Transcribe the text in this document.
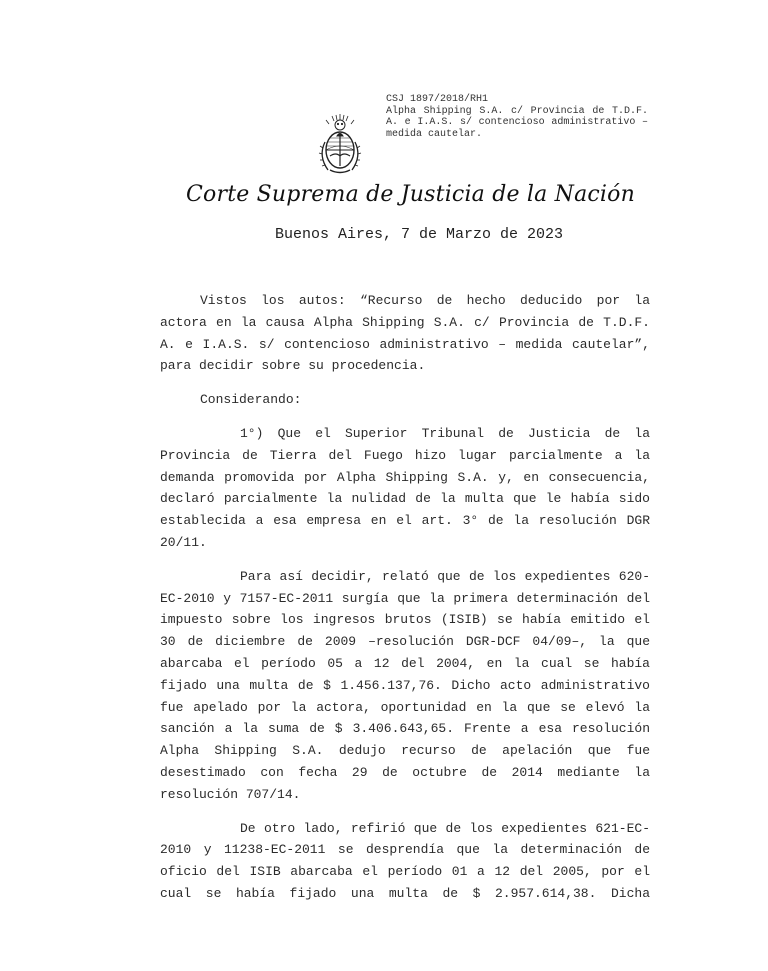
CSJ 1897/2018/RH1
Alpha Shipping S.A. c/ Provincia de T.D.F. A. e I.A.S. s/ contencioso administrativo – medida cautelar.
Corte Suprema de Justicia de la Nación
Buenos Aires, 7 de Marzo de 2023

Vistos los autos: “Recurso de hecho deducido por la actora en la causa Alpha Shipping S.A. c/ Provincia de T.D.F. A. e I.A.S. s/ contencioso administrativo – medida cautelar”, para decidir sobre su procedencia.

Considerando:

1°) Que el Superior Tribunal de Justicia de la Provincia de Tierra del Fuego hizo lugar parcialmente a la demanda promovida por Alpha Shipping S.A. y, en consecuencia, declaró parcialmente la nulidad de la multa que le había sido establecida a esa empresa en el art. 3° de la resolución DGR 20/11.

Para así decidir, relató que de los expedientes 620-EC-2010 y 7157-EC-2011 surgía que la primera determinación del impuesto sobre los ingresos brutos (ISIB) se había emitido el 30 de diciembre de 2009 –resolución DGR-DCF 04/09–, la que abarcaba el período 05 a 12 del 2004, en la cual se había fijado una multa de $ 1.456.137,76. Dicho acto administrativo fue apelado por la actora, oportunidad en la que se elevó la sanción a la suma de $ 3.406.643,65. Frente a esa resolución Alpha Shipping S.A. dedujo recurso de apelación que fue desestimado con fecha 29 de octubre de 2014 mediante la resolución 707/14.

De otro lado, refirió que de los expedientes 621-EC-2010 y 11238-EC-2011 se desprendía que la determinación de oficio del ISIB abarcaba el período 01 a 12 del 2005, por el cual se había fijado una multa de $ 2.957.614,38. Dicha
